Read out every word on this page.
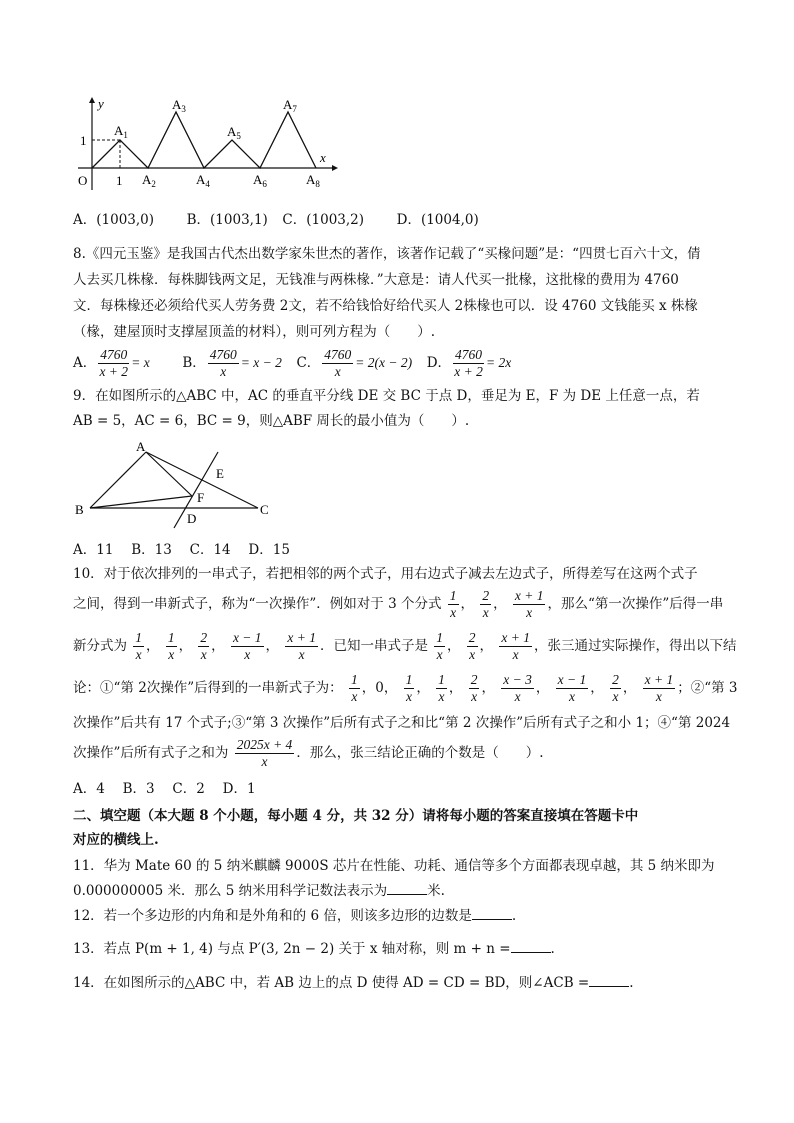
y
x
O
1
1
$A_1$
$A_2$
$A_3$
$A_4$
$A_5$
$A_6$
$A_7$
$A_8$
A．(1003,0) B．(1003,1) C．(1003,2) D．(1004,0)
8.《四元玉鉴》是我国古代杰出数学家朱世杰的著作，该著作记载了“买椽问题”是：“四贯七百六十文，倩
人去买几株椽．每株脚钱两文足，无钱准与两株椽．”大意是：请人代买一批椽，这批椽的费用为 4760
文．每株椽还必须给代买人劳务费 2文，若不给钱恰好给代买人 2株椽也可以．设 4760 文钱能买 x 株椽
（椽，建屋顶时支撑屋顶盖的材料），则可列方程为（　　）.
A． $\frac{4760}{x + 2} = x$ B． $\frac{4760}{x} = x - 2$ C． $\frac{4760}{x} = 2(x - 2)$ D． $\frac{4760}{x + 2} = 2x$
9．在如图所示的△ABC 中，AC 的垂直平分线 DE 交 BC 于点 D，垂足为 E，F 为 DE 上任意一点，若
AB = 5，AC = 6，BC = 9，则△ABF 周长的最小值为（　　）.
A
B	C
E
F
D
A．11　 B．13　 C．14　 D．15
10．对于依次排列的一串式子，若把相邻的两个式子，用右边式子减去左边式子，所得差写在这两个式子
之间，得到一串新式子，称为“一次操作”．例如对于 3 个分式 $\frac{1}{x}$ ， $\frac{2}{x}$ ， $\frac{x + 1}{x}$ ，那么“第一次操作”后得一串
新分式为 $\frac{1}{x}$ ， $\frac{1}{x}$ ， $\frac{2}{x}$ ， $\frac{x - 1}{x}$ ， $\frac{x + 1}{x}$ ．已知一串式子是 $\frac{1}{x}$ ， $\frac{2}{x}$ ， $\frac{x + 1}{x}$ ，张三通过实际操作，得出以下结
论：①“第 2次操作”后得到的一串新式子为： $\frac{1}{x}$ ，0， $\frac{1}{x}$ ， $\frac{1}{x}$ ， $\frac{2}{x}$ ， $\frac{x - 3}{x}$ ， $\frac{x - 1}{x}$ ， $\frac{2}{x}$ ， $\frac{x + 1}{x}$ ；②“第 3
次操作”后共有 17 个式子;③“第 3 次操作”后所有式子之和比“第 2 次操作”后所有式子之和小 1；④“第 2024
次操作”后所有式子之和为 $\frac{2025x + 4}{x}$ ．那么，张三结论正确的个数是（　　）.
A．4　 B．3　 C．2　 D．1
二、填空题（本大题 8 个小题，每小题 4 分，共 32 分）请将每小题的答案直接填在答题卡中
对应的横线上.
11．华为 Mate 60 的 5 纳米麒麟 9000S 芯片在性能、功耗、通信等多个方面都表现卓越，其 5 纳米即为
0.000000005 米．那么 5 纳米用科学记数法表示为	米.
12．若一个多边形的内角和是外角和的 6 倍，则该多边形的边数是	.
13．若点 P(m + 1, 4) 与点 P′(3, 2n − 2) 关于 x 轴对称，则 m + n =	.
14．在如图所示的△ABC 中，若 AB 边上的点 D 使得 AD = CD = BD，则∠ACB =	.
